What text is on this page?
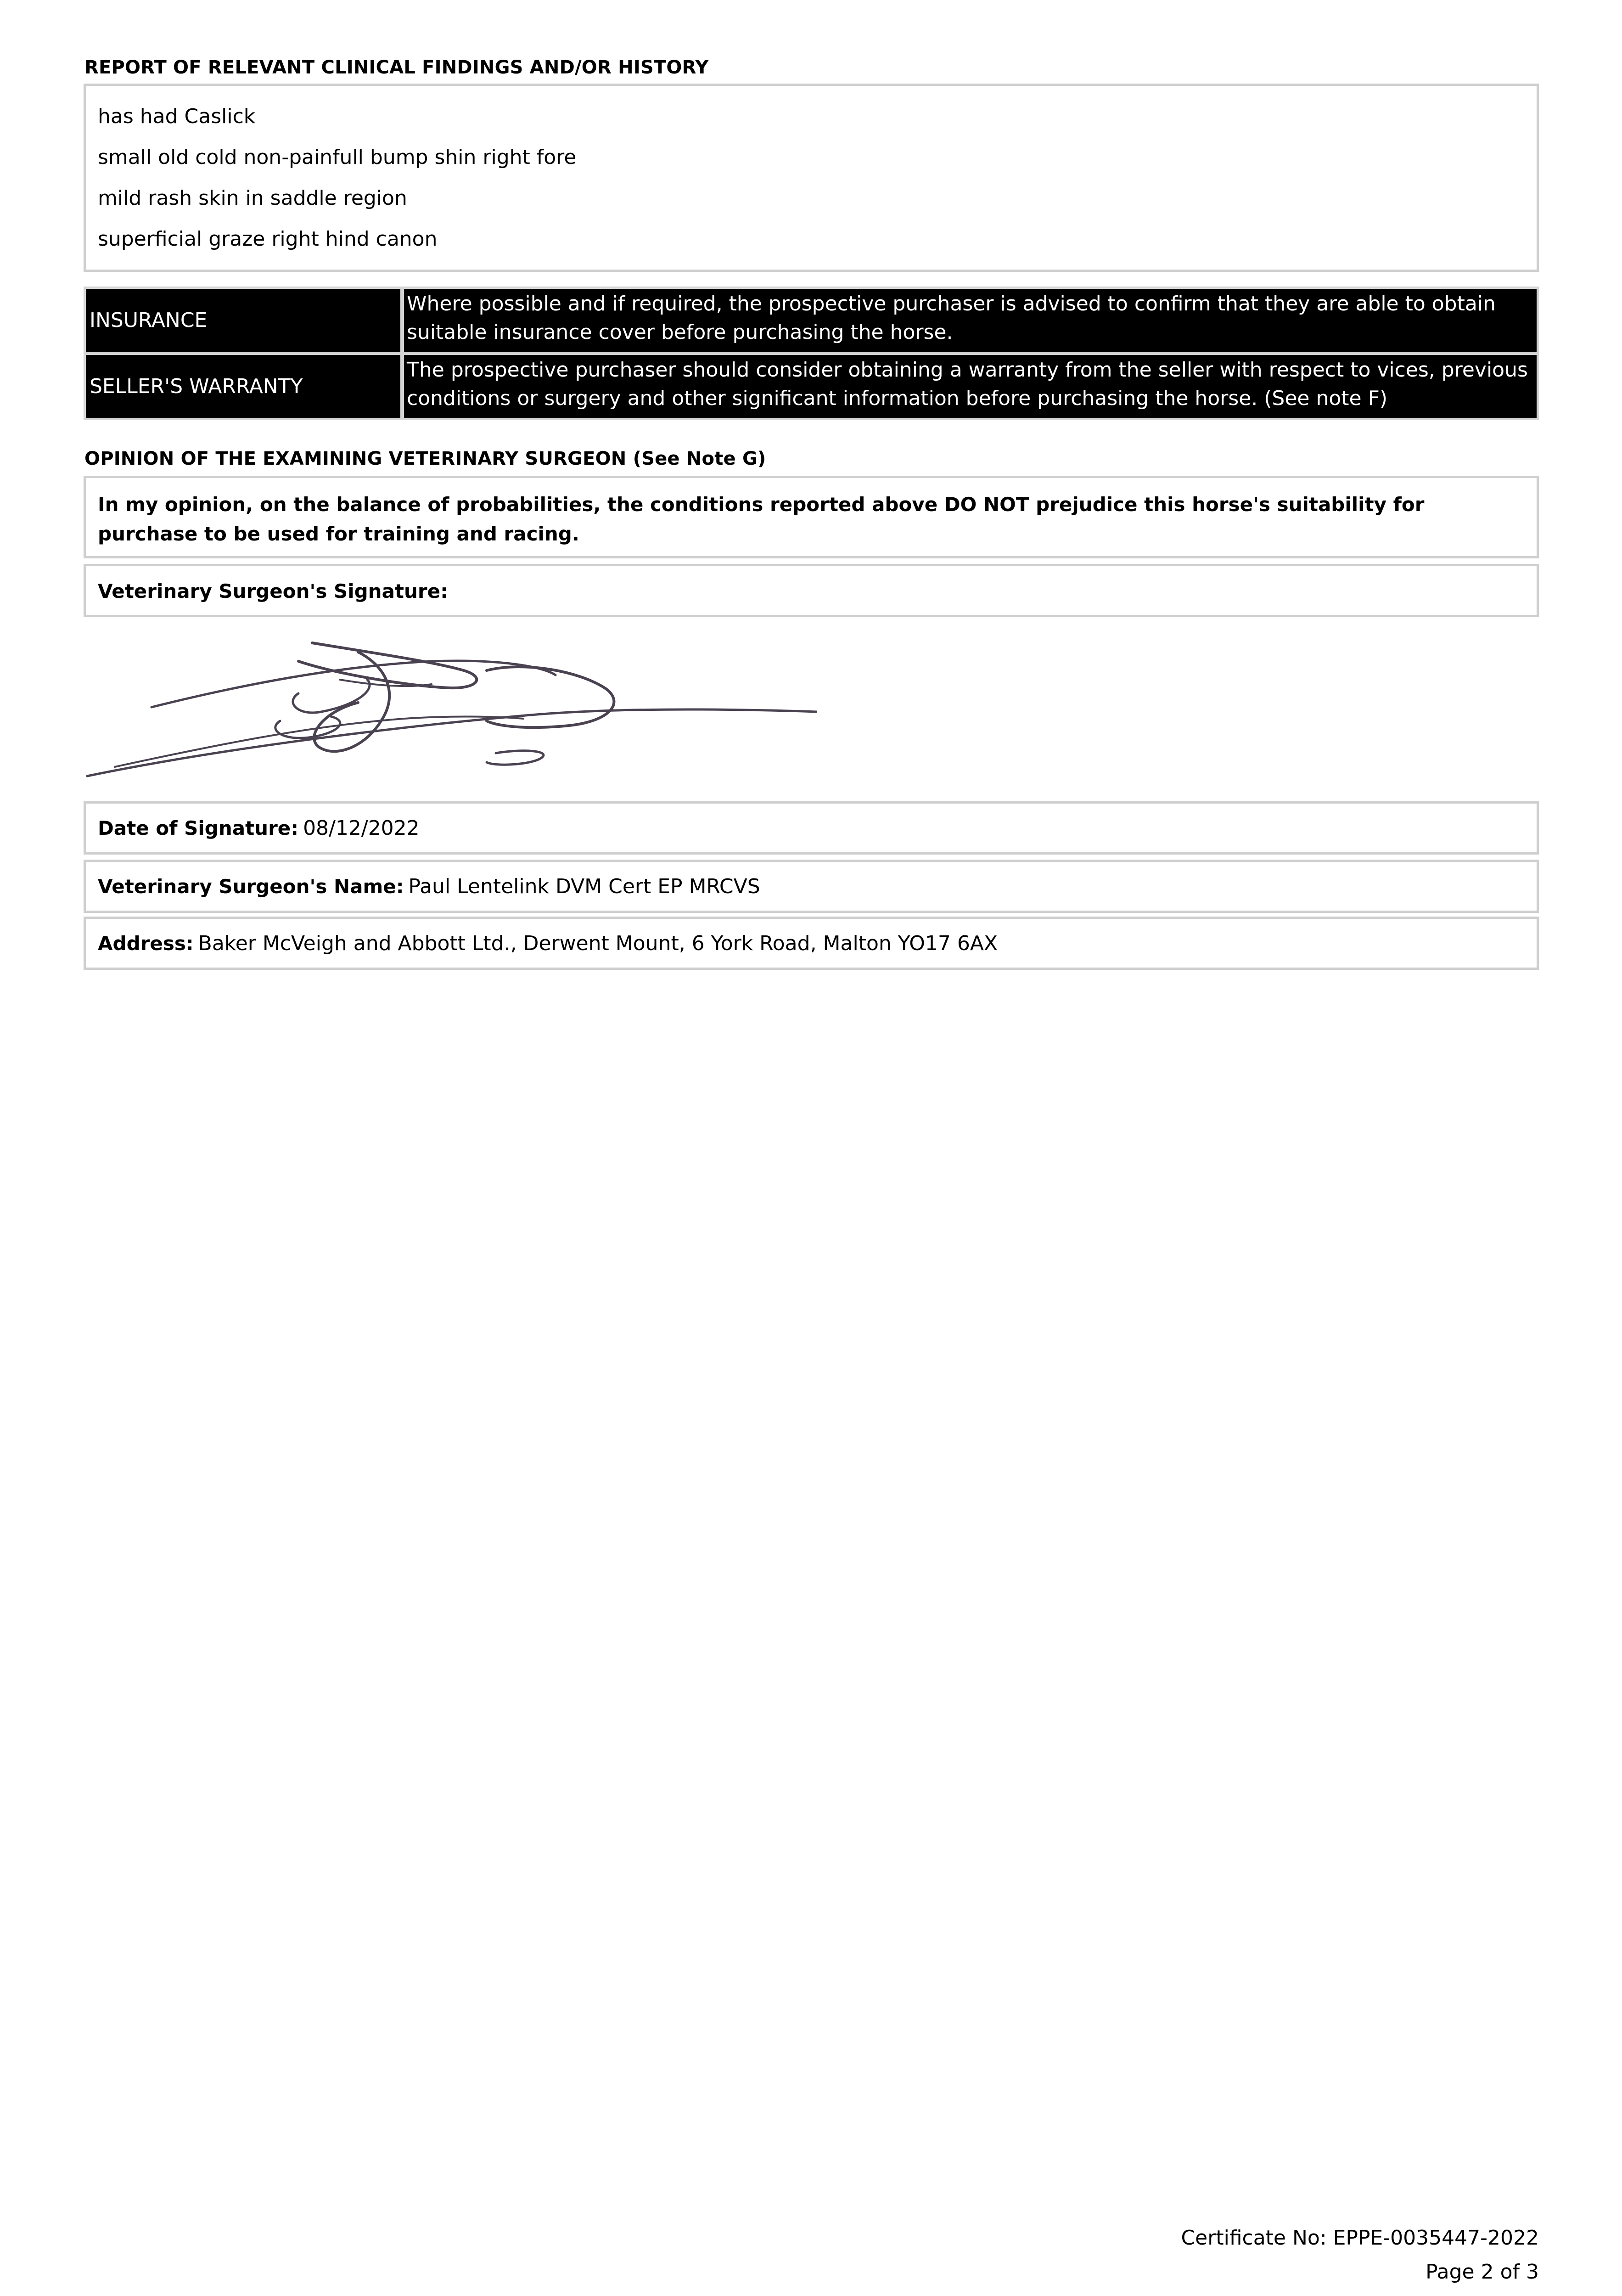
REPORT OF RELEVANT CLINICAL FINDINGS AND/OR HISTORY
has had Caslick
small old cold non-painfull bump shin right fore
mild rash skin in saddle region
superficial graze right hind canon
INSURANCE
Where possible and if required, the prospective purchaser is advised to confirm that they are able to obtain suitable insurance cover before purchasing the horse.
SELLER'S WARRANTY
The prospective purchaser should consider obtaining a warranty from the seller with respect to vices, previous conditions or surgery and other significant information before purchasing the horse. (See note F)
OPINION OF THE EXAMINING VETERINARY SURGEON (See Note G)
In my opinion, on the balance of probabilities, the conditions reported above DO NOT prejudice this horse's suitability for purchase to be used for training and racing.
Veterinary Surgeon's Signature:
Date of Signature: 08/12/2022
Veterinary Surgeon's Name: Paul Lentelink DVM Cert EP MRCVS
Address: Baker McVeigh and Abbott Ltd., Derwent Mount, 6 York Road, Malton YO17 6AX
Certificate No: EPPE-0035447-2022
Page 2 of 3
